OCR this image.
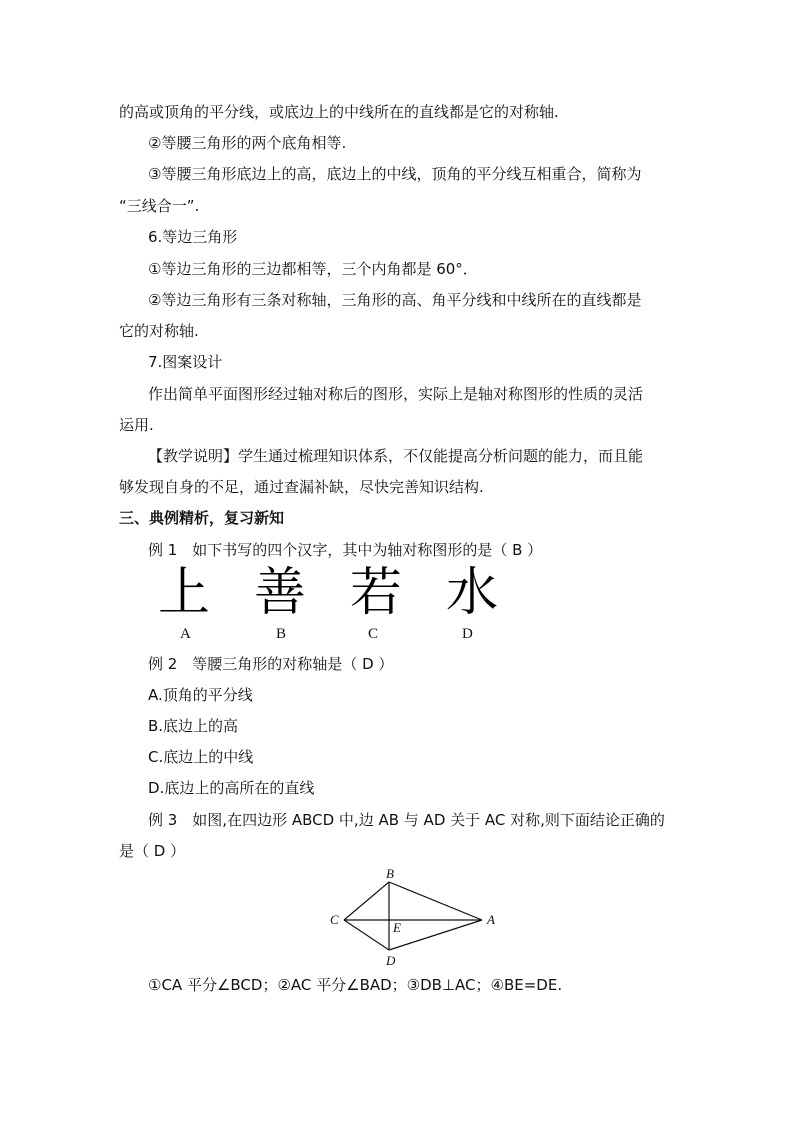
的高或顶角的平分线，或底边上的中线所在的直线都是它的对称轴.
②等腰三角形的两个底角相等.
③等腰三角形底边上的高，底边上的中线，顶角的平分线互相重合，简称为
“三线合一”.
6.等边三角形
①等边三角形的三边都相等，三个内角都是 60°．
②等边三角形有三条对称轴，三角形的高、角平分线和中线所在的直线都是
它的对称轴.
7.图案设计
作出简单平面图形经过轴对称后的图形，实际上是轴对称图形的性质的灵活
运用.
【教学说明】学生通过梳理知识体系，不仅能提高分析问题的能力，而且能
够发现自身的不足，通过查漏补缺，尽快完善知识结构.
三、典例精析，复习新知
例 1　如下书写的四个汉字，其中为轴对称图形的是（ B ）
上 善 若 水
A	B	C	D
例 2　等腰三角形的对称轴是（ D ）
A.顶角的平分线
B.底边上的高
C.底边上的中线
D.底边上的高所在的直线
例 3　如图,在四边形 ABCD 中,边 AB 与 AD 关于 AC 对称,则下面结论正确的
是（ D ）
B
C	A
E
D
①CA 平分∠BCD；②AC 平分∠BAD；③DB⊥AC；④BE=DE.
